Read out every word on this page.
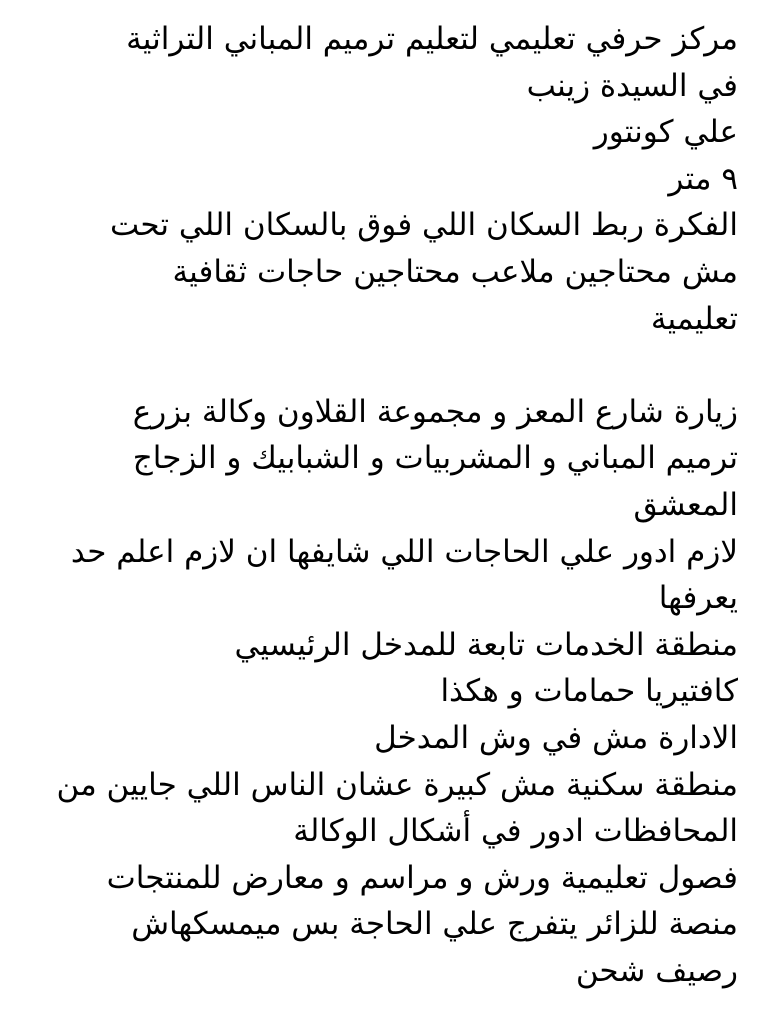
مركز حرفي تعليمي لتعليم ترميم المباني التراثية
في السيدة زينب
علي كونتور
٩ متر
الفكرة ربط السكان اللي فوق بالسكان اللي تحت
مش محتاجين ملاعب محتاجين حاجات ثقافية
تعليمية
زيارة شارع المعز و مجموعة القلاون وكالة بزرع
ترميم المباني و المشربيات و الشبابيك و الزجاج
المعشق
لازم ادور علي الحاجات اللي شايفها ان لازم اعلم حد
يعرفها
منطقة الخدمات تابعة للمدخل الرئيسيي
كافتيريا حمامات و هكذا
الادارة مش في وش المدخل
منطقة سكنية مش كبيرة عشان الناس اللي جايين من
المحافظات ادور في أشكال الوكالة
فصول تعليمية ورش و مراسم و معارض للمنتجات
منصة للزائر يتفرج علي الحاجة بس ميمسكهاش
رصيف شحن
